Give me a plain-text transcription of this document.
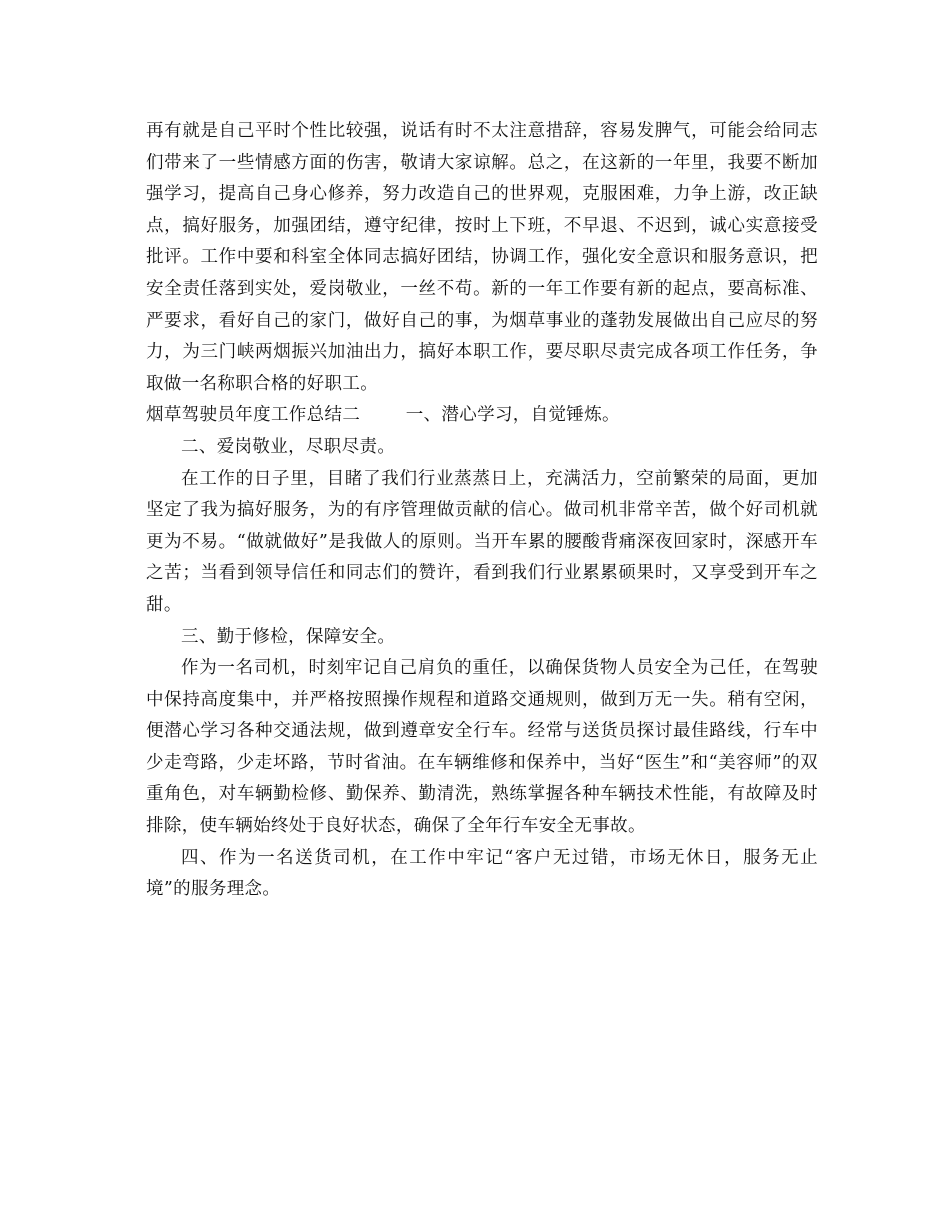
再有就是自己平时个性比较强，说话有时不太注意措辞，容易发脾气，可能会给同志们带来了一些情感方面的伤害，敬请大家谅解。总之，在这新的一年里，我要不断加强学习，提高自己身心修养，努力改造自己的世界观，克服困难，力争上游，改正缺点，搞好服务，加强团结，遵守纪律，按时上下班，不早退、不迟到，诚心实意接受批评。工作中要和科室全体同志搞好团结，协调工作，强化安全意识和服务意识，把安全责任落到实处，爱岗敬业，一丝不苟。新的一年工作要有新的起点，要高标准、严要求，看好自己的家门，做好自己的事，为烟草事业的蓬勃发展做出自己应尽的努力，为三门峡两烟振兴加油出力，搞好本职工作，要尽职尽责完成各项工作任务，争取做一名称职合格的好职工。

烟草驾驶员年度工作总结二	一、潜心学习，自觉锤炼。

二、爱岗敬业，尽职尽责。

在工作的日子里，目睹了我们行业蒸蒸日上，充满活力，空前繁荣的局面，更加坚定了我为搞好服务，为的有序管理做贡献的信心。做司机非常辛苦，做个好司机就更为不易。“做就做好”是我做人的原则。当开车累的腰酸背痛深夜回家时，深感开车之苦；当看到领导信任和同志们的赞许，看到我们行业累累硕果时，又享受到开车之甜。

三、勤于修检，保障安全。

作为一名司机，时刻牢记自己肩负的重任，以确保货物人员安全为己任，在驾驶中保持高度集中，并严格按照操作规程和道路交通规则，做到万无一失。稍有空闲，便潜心学习各种交通法规，做到遵章安全行车。经常与送货员探讨最佳路线，行车中少走弯路，少走坏路，节时省油。在车辆维修和保养中，当好“医生”和“美容师”的双重角色，对车辆勤检修、勤保养、勤清洗，熟练掌握各种车辆技术性能，有故障及时排除，使车辆始终处于良好状态，确保了全年行车安全无事故。

四、作为一名送货司机，在工作中牢记“客户无过错，市场无休日，服务无止境”的服务理念。
